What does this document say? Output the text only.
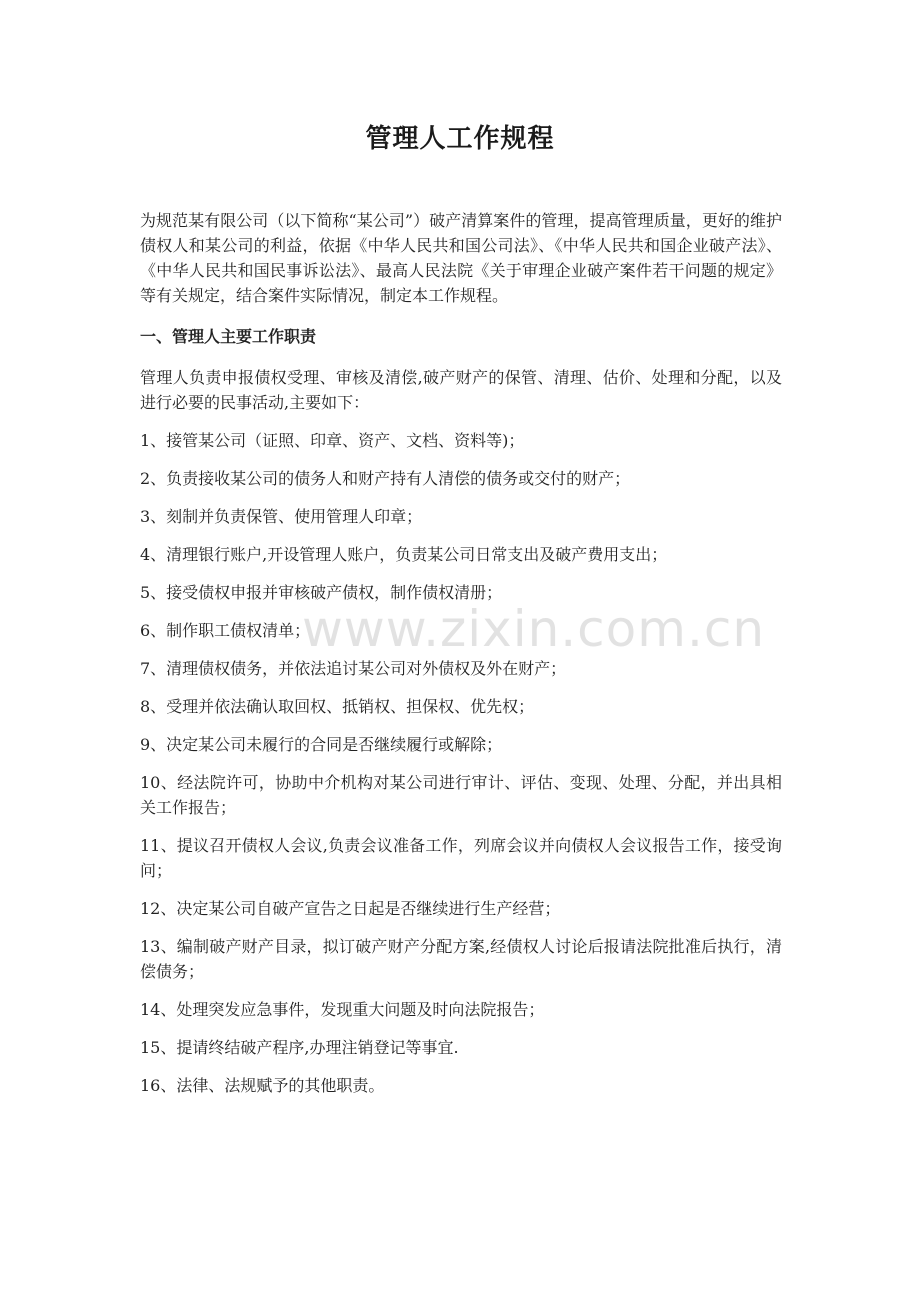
管理人工作规程

为规范某有限公司（以下简称“某公司”）破产清算案件的管理，提高管理质量，更好的维护债权人和某公司的利益，依据《中华人民共和国公司法》、《中华人民共和国企业破产法》、《中华人民共和国民事诉讼法》、最高人民法院《关于审理企业破产案件若干问题的规定》等有关规定，结合案件实际情况，制定本工作规程。

一、管理人主要工作职责

管理人负责申报债权受理、审核及清偿,破产财产的保管、清理、估价、处理和分配，以及进行必要的民事活动,主要如下：

1、接管某公司（证照、印章、资产、文档、资料等)；

2、负责接收某公司的债务人和财产持有人清偿的债务或交付的财产；

3、刻制并负责保管、使用管理人印章；

4、清理银行账户,开设管理人账户，负责某公司日常支出及破产费用支出；

5、接受债权申报并审核破产债权，制作债权清册；

6、制作职工债权清单；

7、清理债权债务，并依法追讨某公司对外债权及外在财产；

8、受理并依法确认取回权、抵销权、担保权、优先权；

9、决定某公司未履行的合同是否继续履行或解除；

10、经法院许可，协助中介机构对某公司进行审计、评估、变现、处理、分配，并出具相关工作报告；

11、提议召开债权人会议,负责会议准备工作，列席会议并向债权人会议报告工作，接受询问；

12、决定某公司自破产宣告之日起是否继续进行生产经营；

13、编制破产财产目录，拟订破产财产分配方案,经债权人讨论后报请法院批准后执行，清偿债务；

14、处理突发应急事件，发现重大问题及时向法院报告；

15、提请终结破产程序,办理注销登记等事宜.

16、法律、法规赋予的其他职责。

www.zixin.com.cn
